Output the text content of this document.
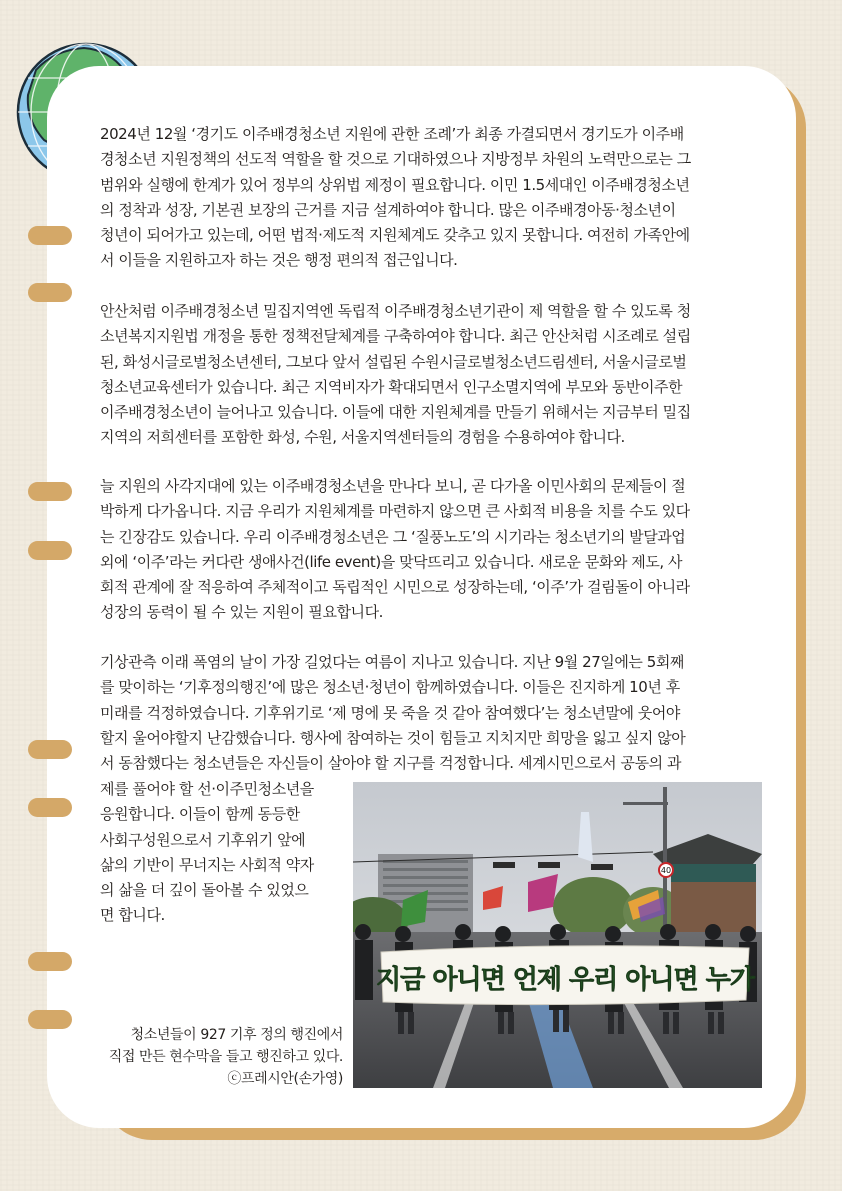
2024년 12월 ‘경기도 이주배경청소년 지원에 관한 조례’가 최종 가결되면서 경기도가 이주배
경청소년 지원정책의 선도적 역할을 할 것으로 기대하였으나 지방정부 차원의 노력만으로는 그
범위와 실행에 한계가 있어 정부의 상위법 제정이 필요합니다. 이민 1.5세대인 이주배경청소년
의 정착과 성장, 기본권 보장의 근거를 지금 설계하여야 합니다. 많은 이주배경아동·청소년이
청년이 되어가고 있는데, 어떤 법적·제도적 지원체계도 갖추고 있지 못합니다. 여전히 가족안에
서 이들을 지원하고자 하는 것은 행정 편의적 접근입니다.

안산처럼 이주배경청소년 밀집지역엔 독립적 이주배경청소년기관이 제 역할을 할 수 있도록 청
소년복지지원법 개정을 통한 정책전달체계를 구축하여야 합니다. 최근 안산처럼 시조례로 설립
된, 화성시글로벌청소년센터, 그보다 앞서 설립된 수원시글로벌청소년드림센터, 서울시글로벌
청소년교육센터가 있습니다. 최근 지역비자가 확대되면서 인구소멸지역에 부모와 동반이주한
이주배경청소년이 늘어나고 있습니다. 이들에 대한 지원체계를 만들기 위해서는 지금부터 밀집
지역의 저희센터를 포함한 화성, 수원, 서울지역센터들의 경험을 수용하여야 합니다.

늘 지원의 사각지대에 있는 이주배경청소년을 만나다 보니, 곧 다가올 이민사회의 문제들이 절
박하게 다가옵니다. 지금 우리가 지원체계를 마련하지 않으면 큰 사회적 비용을 치를 수도 있다
는 긴장감도 있습니다. 우리 이주배경청소년은 그 ‘질풍노도’의 시기라는 청소년기의 발달과업
외에 ‘이주’라는 커다란 생애사건(life event)을 맞닥뜨리고 있습니다. 새로운 문화와 제도, 사
회적 관계에 잘 적응하여 주체적이고 독립적인 시민으로 성장하는데, ‘이주’가 걸림돌이 아니라
성장의 동력이 될 수 있는 지원이 필요합니다.

기상관측 이래 폭염의 날이 가장 길었다는 여름이 지나고 있습니다. 지난 9월 27일에는 5회째
를 맞이하는 ‘기후정의행진’에 많은 청소년·청년이 함께하였습니다. 이들은 진지하게 10년 후
미래를 걱정하였습니다. 기후위기로 ‘제 명에 못 죽을 것 같아 참여했다’는 청소년말에 웃어야
할지 울어야할지 난감했습니다. 행사에 참여하는 것이 힘들고 지치지만 희망을 잃고 싶지 않아
서 동참했다는 청소년들은 자신들이 살아야 할 지구를 걱정합니다. 세계시민으로서 공동의 과

제를 풀어야 할 선·이주민청소년을
응원합니다. 이들이 함께 동등한
사회구성원으로서 기후위기 앞에
삶의 기반이 무너지는 사회적 약자
의 삶을 더 깊이 돌아볼 수 있었으
면 합니다.

40
지금 아니면 언제 우리 아니면 누가

청소년들이 927 기후 정의 행진에서
직접 만든 현수막을 들고 행진하고 있다.
ⓒ프레시안(손가영)
